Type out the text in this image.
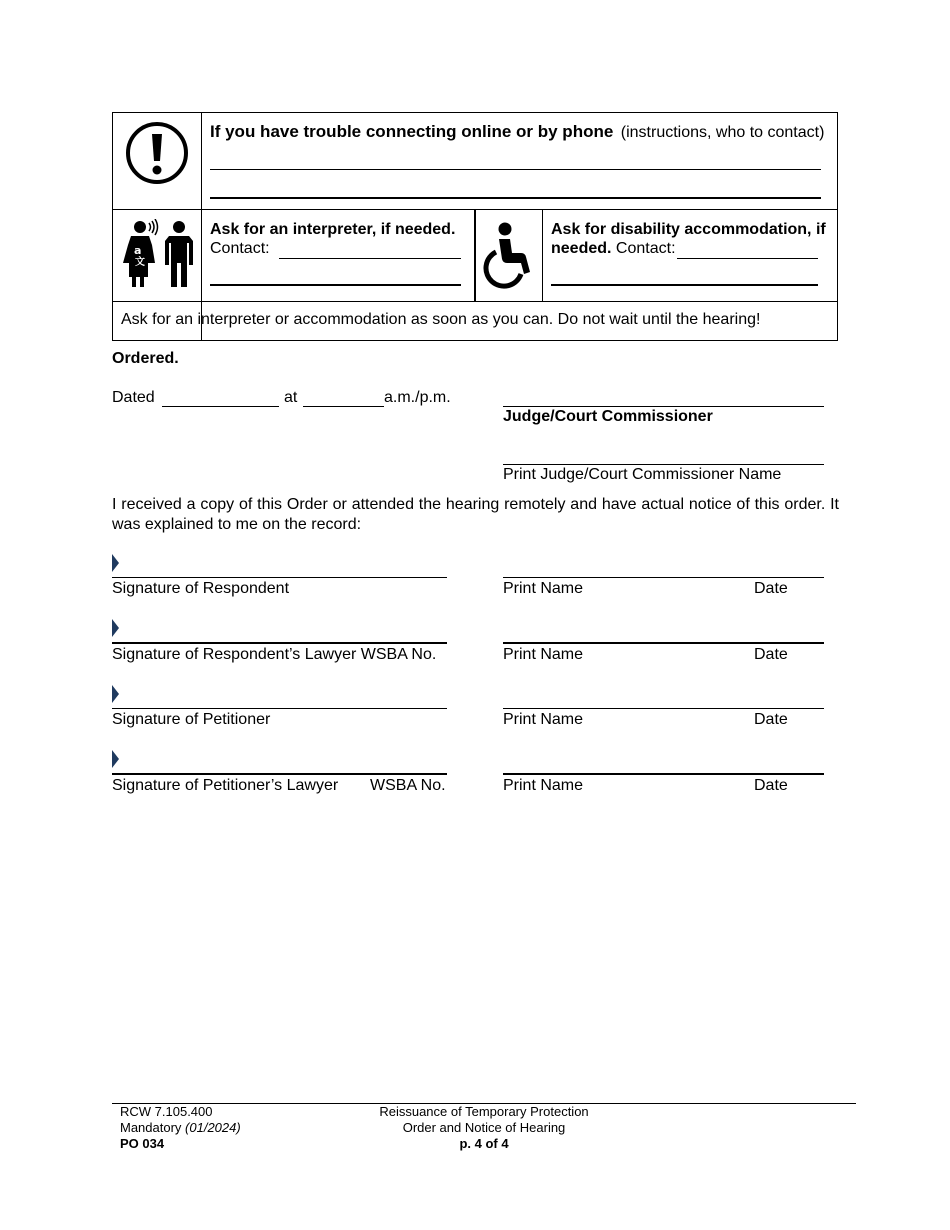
If you have trouble connecting online or by phone (instructions, who to contact)
a
文
Ask for an interpreter, if needed.
Contact:
Ask for disability accommodation, if
needed. Contact:
Ask for an interpreter or accommodation as soon as you can. Do not wait until the hearing!
Ordered.
Dated	at	a.m./p.m.
Judge/Court Commissioner
Print Judge/Court Commissioner Name
I received a copy of this Order or attended the hearing remotely and have actual notice of this order. It was explained to me on the record:
Signature of Respondent	Print Name	Date
Signature of Respondent’s Lawyer WSBA No.	Print Name	Date
Signature of Petitioner	Print Name	Date
Signature of Petitioner’s Lawyer WSBA No.	Print Name	Date
RCW 7.105.400
Mandatory (01/2024)
PO 034
Reissuance of Temporary Protection
Order and Notice of Hearing
p. 4 of 4
